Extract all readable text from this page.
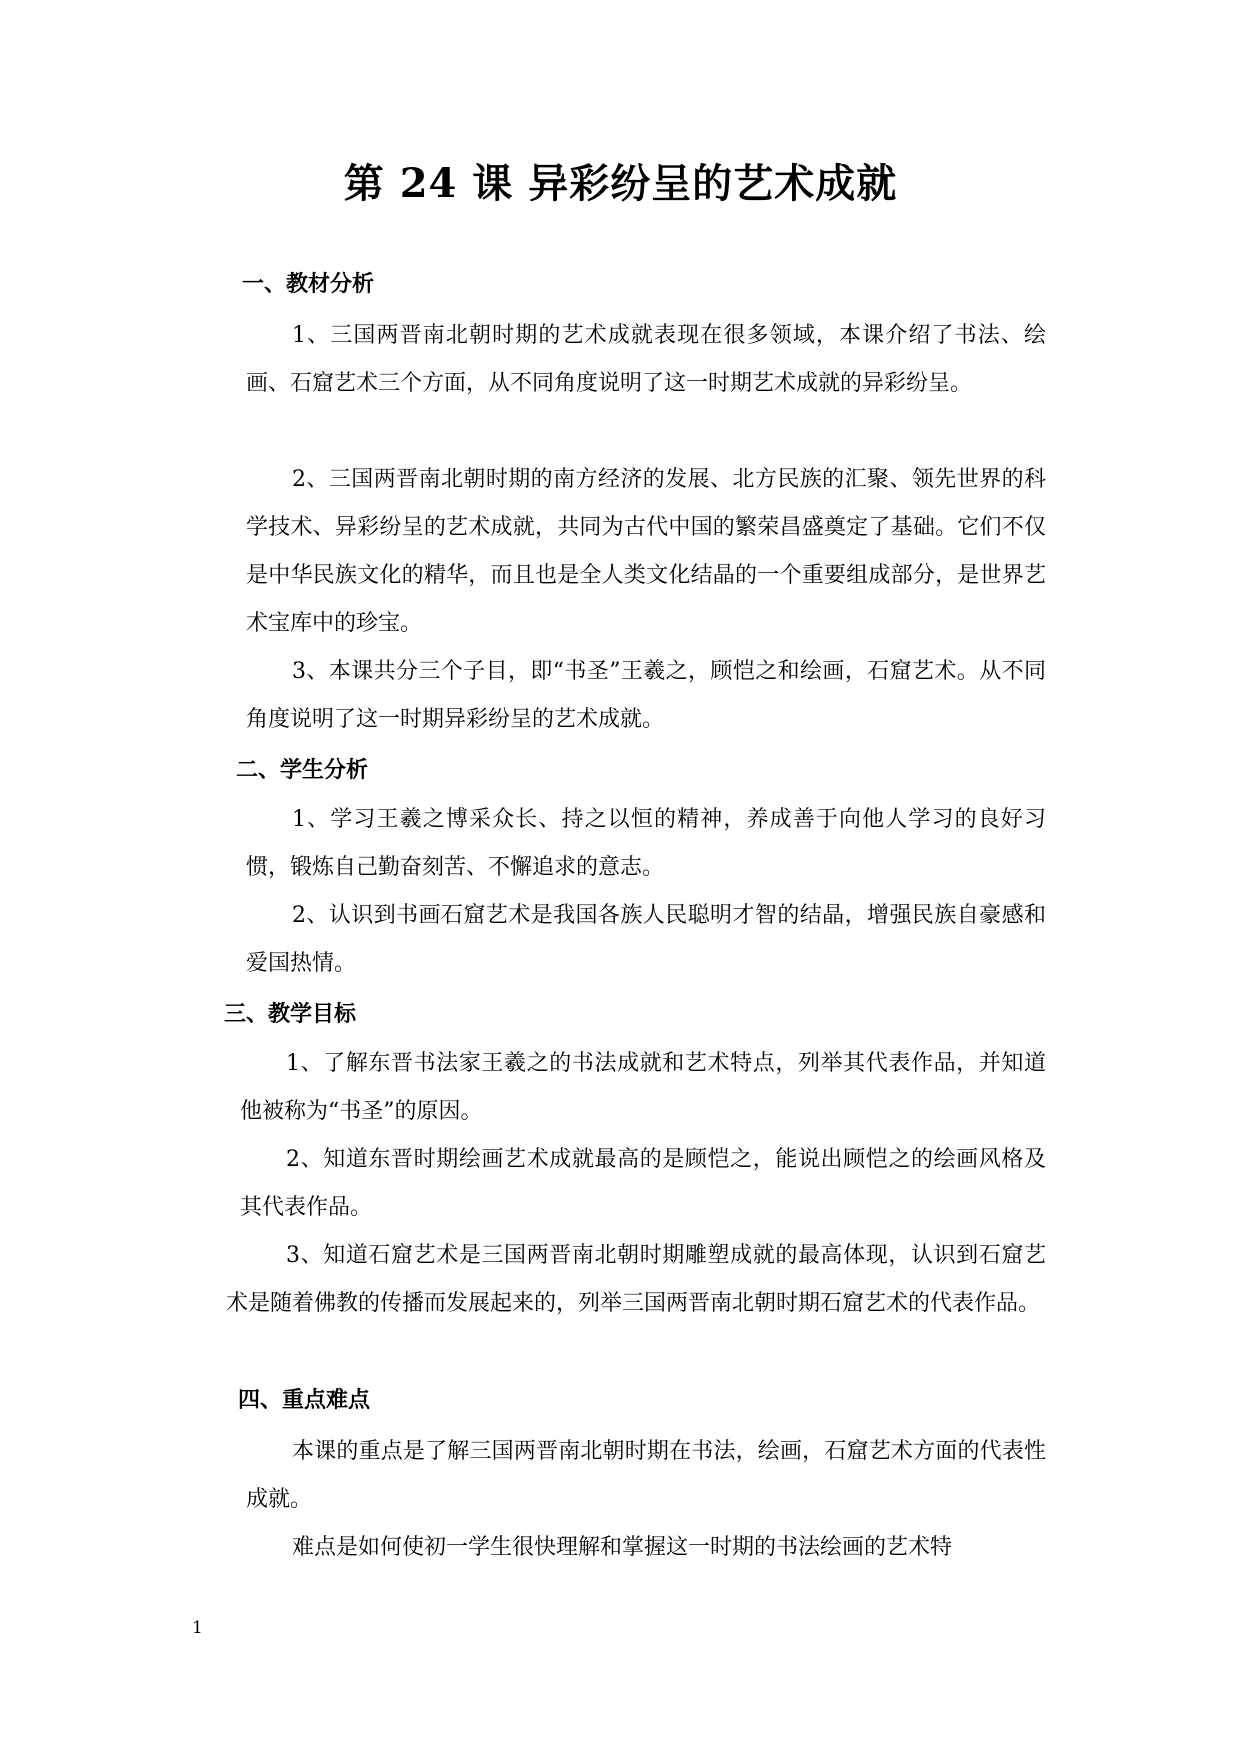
第 24 课 异彩纷呈的艺术成就
一、教材分析
1、三国两晋南北朝时期的艺术成就表现在很多领域，本课介绍了书法、绘画、石窟艺术三个方面，从不同角度说明了这一时期艺术成就的异彩纷呈。
2、三国两晋南北朝时期的南方经济的发展、北方民族的汇聚、领先世界的科学技术、异彩纷呈的艺术成就，共同为古代中国的繁荣昌盛奠定了基础。它们不仅是中华民族文化的精华，而且也是全人类文化结晶的一个重要组成部分，是世界艺术宝库中的珍宝。
3、本课共分三个子目，即“书圣”王羲之，顾恺之和绘画，石窟艺术。从不同角度说明了这一时期异彩纷呈的艺术成就。
二、学生分析
1、学习王羲之博采众长、持之以恒的精神，养成善于向他人学习的良好习惯，锻炼自己勤奋刻苦、不懈追求的意志。
2、认识到书画石窟艺术是我国各族人民聪明才智的结晶，增强民族自豪感和爱国热情。
三、教学目标
1、了解东晋书法家王羲之的书法成就和艺术特点，列举其代表作品，并知道他被称为“书圣”的原因。
2、知道东晋时期绘画艺术成就最高的是顾恺之，能说出顾恺之的绘画风格及其代表作品。
3、知道石窟艺术是三国两晋南北朝时期雕塑成就的最高体现，认识到石窟艺术是随着佛教的传播而发展起来的，列举三国两晋南北朝时期石窟艺术的代表作品。
四、重点难点
本课的重点是了解三国两晋南北朝时期在书法，绘画，石窟艺术方面的代表性成就。
难点是如何使初一学生很快理解和掌握这一时期的书法绘画的艺术特
1
